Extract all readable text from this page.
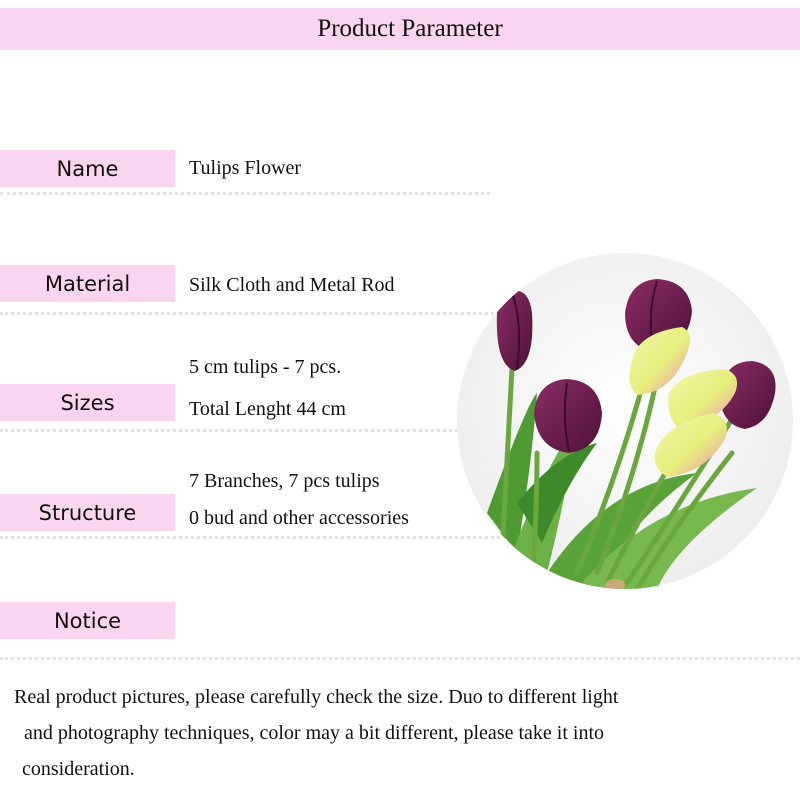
Product Parameter
Name	Tulips Flower
Material	Silk Cloth and Metal Rod
Sizes
5 cm tulips - 7 pcs.
Total Lenght 44 cm
Structure
7 Branches, 7 pcs tulips
0 bud and other accessories
Notice
Real product pictures, please carefully check the size. Duo to different light
and photography techniques, color may a bit different, please take it into
consideration.
